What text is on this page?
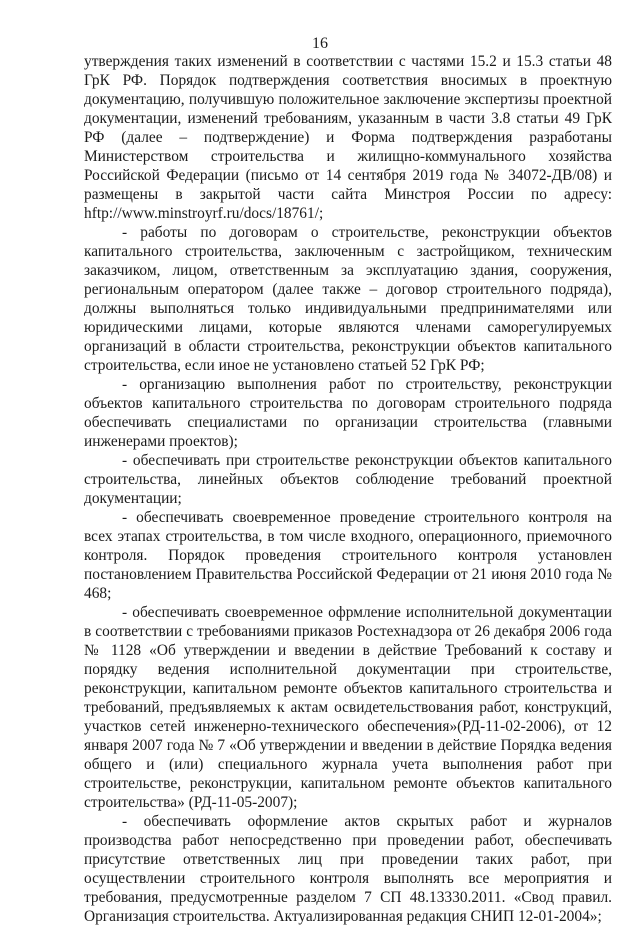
16

утверждения таких изменений в соответствии с частями 15.2 и 15.3 статьи 48 ГрК РФ. Порядок подтверждения соответствия вносимых в проектную документацию, получившую положительное заключение экспертизы проектной документации, изменений требованиям, указанным в части 3.8 статьи 49 ГрК РФ (далее – подтверждение) и Форма подтверждения разработаны Министерством строительства и жилищно-коммунального хозяйства Российской Федерации (письмо от 14 сентября 2019 года № 34072-ДВ/08) и размещены в закрытой части сайта Минстроя России по адресу: hftp://www.minstroyrf.ru/docs/18761/;

- работы по договорам о строительстве, реконструкции объектов капитального строительства, заключенным с застройщиком, техническим заказчиком, лицом, ответственным за эксплуатацию здания, сооружения, региональным оператором (далее также – договор строительного подряда), должны выполняться только индивидуальными предпринимателями или юридическими лицами, которые являются членами саморегулируемых организаций в области строительства, реконструкции объектов капитального строительства, если иное не установлено статьей 52 ГрК РФ;

- организацию выполнения работ по строительству, реконструкции объектов капитального строительства по договорам строительного подряда обеспечивать специалистами по организации строительства (главными инженерами проектов);

- обеспечивать при строительстве реконструкции объектов капитального строительства, линейных объектов соблюдение требований проектной документации;

- обеспечивать своевременное проведение строительного контроля на всех этапах строительства, в том числе входного, операционного, приемочного контроля. Порядок проведения строительного контроля установлен постановлением Правительства Российской Федерации от 21 июня 2010 года № 468;

- обеспечивать своевременное офрмление исполнительной документации в соответствии с требованиями приказов Ростехнадзора от 26 декабря 2006 года № 1128 «Об утверждении и введении в действие Требований к составу и порядку ведения исполнительной документации при строительстве, реконструкции, капитальном ремонте объектов капитального строительства и требований, предъявляемых к актам освидетельствования работ, конструкций, участков сетей инженерно-технического обеспечения»(РД-11-02-2006), от 12 января 2007 года № 7 «Об утверждении и введении в действие Порядка ведения общего и (или) специального журнала учета выполнения работ при строительстве, реконструкции, капитальном ремонте объектов капитального строительства» (РД-11-05-2007);

- обеспечивать оформление актов скрытых работ и журналов производства работ непосредственно при проведении работ, обеспечивать присутствие ответственных лиц при проведении таких работ, при осуществлении строительного контроля выполнять все мероприятия и требования, предусмотренные разделом 7 СП 48.13330.2011. «Свод правил. Организация строительства. Актуализированная редакция СНИП 12-01-2004»;
